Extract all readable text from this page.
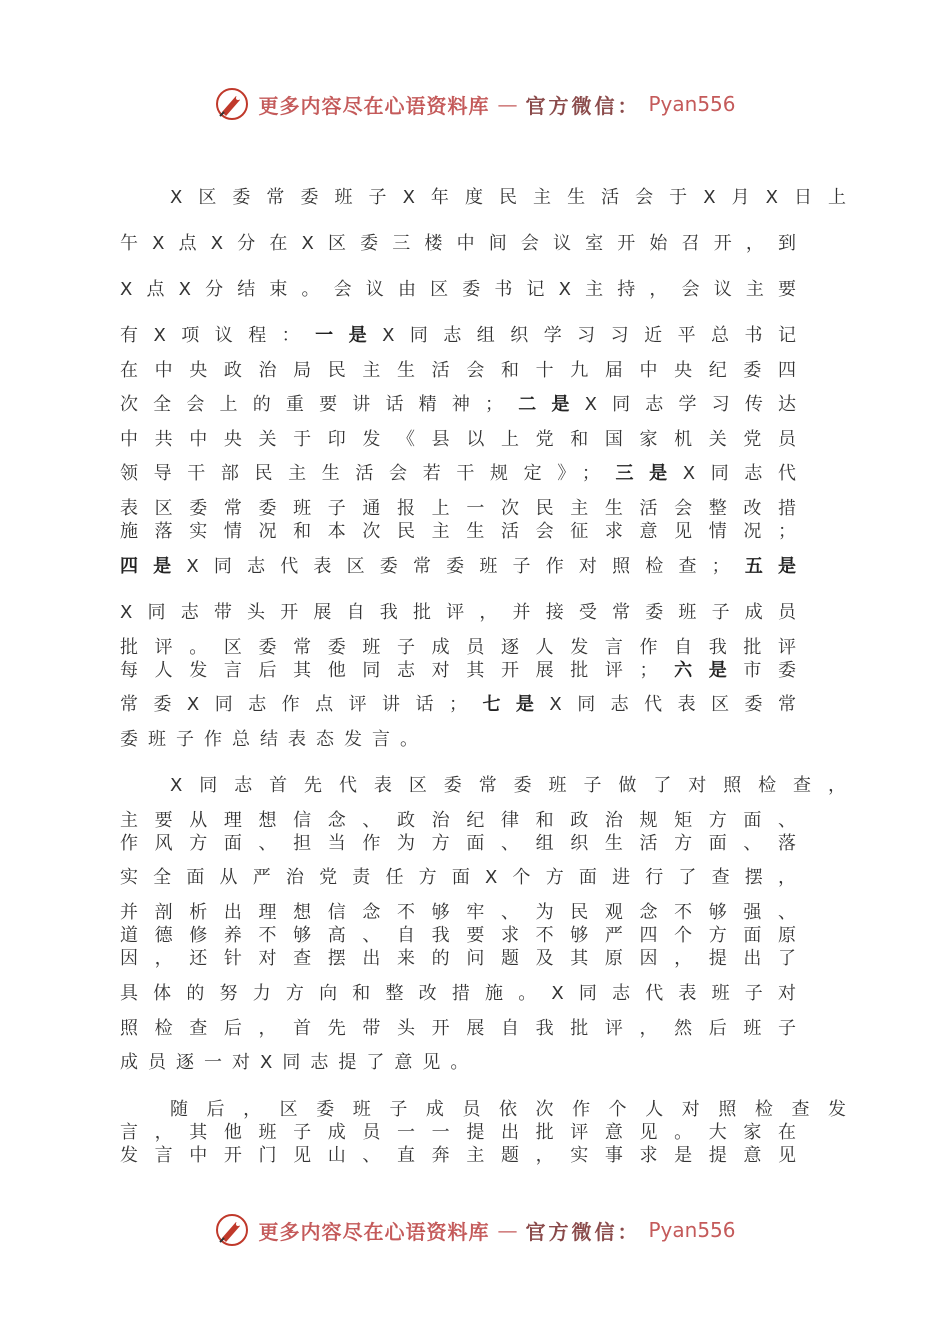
更多内容尽在心语资料库 — 官方微信： Pyan556
X区委常委班子X年度民主生活会于X月X日上
午X点X分在X区委三楼中间会议室开始召开，到
X点X分结束。会议由区委书记X主持，会议主要
有X项议程：一是X同志组织学习习近平总书记
在中央政治局民主生活会和十九届中央纪委四
次全会上的重要讲话精神；二是X同志学习传达
中共中央关于印发《县以上党和国家机关党员
领导干部民主生活会若干规定》；三是X同志代
表区委常委班子通报上一次民主生活会整改措
施落实情况和本次民主生活会征求意见情况；
四是X同志代表区委常委班子作对照检查；五是
X同志带头开展自我批评，并接受常委班子成员
批评。区委常委班子成员逐人发言作自我批评
每人发言后其他同志对其开展批评；六是市委
常委X同志作点评讲话；七是X同志代表区委常
委班子作总结表态发言。
X同志首先代表区委常委班子做了对照检查，
主要从理想信念、政治纪律和政治规矩方面、
作风方面、担当作为方面、组织生活方面、落
实全面从严治党责任方面X个方面进行了查摆，
并剖析出理想信念不够牢、为民观念不够强、
道德修养不够高、自我要求不够严四个方面原
因，还针对查摆出来的问题及其原因，提出了
具体的努力方向和整改措施。X同志代表班子对
照检查后，首先带头开展自我批评，然后班子
成员逐一对X同志提了意见。
随后，区委班子成员依次作个人对照检查发
言，其他班子成员一一提出批评意见。大家在
发言中开门见山、直奔主题，实事求是提意见
更多内容尽在心语资料库 — 官方微信： Pyan556
